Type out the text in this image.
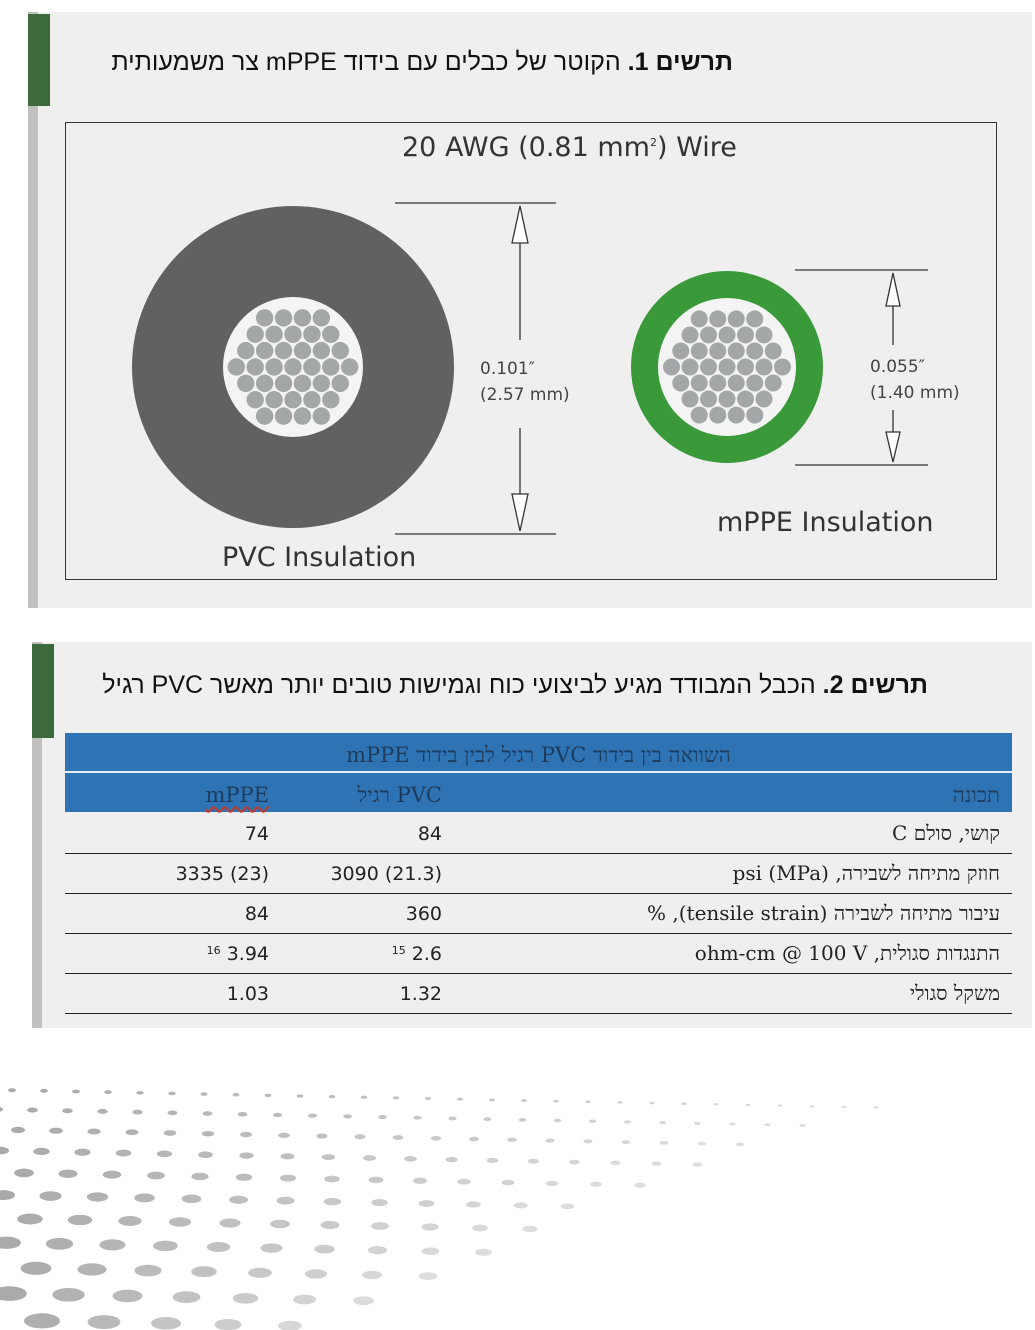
תרשים 1. הקוטר של כבלים עם בידוד mPPE צר משמעותית
20 AWG (0.81 $mm^2$) Wire
0.101″
(2.57 mm)
0.055″
(1.40 mm)
PVC Insulation
mPPE Insulation
תרשים 2. הכבל המבודד מגיע לביצועי כוח וגמישות טובים יותר מאשר PVC רגיל
השוואה בין בידוד PVC רגיל לבין בידוד mPPE
תכונה
PVC רגיל
mPPE
קושי, סולם C
84
74
חוזק מתיחה לשבירה, psi (MPa)
3090 (21.3)
3335 (23)
עיבור מתיחה לשבירה (tensile strain), %
360
84
התנגדות סגולית, ohm-cm @ 100 V
$^{15}$ 2.6
$^{16}$ 3.94
משקל סגולי
1.32
1.03
